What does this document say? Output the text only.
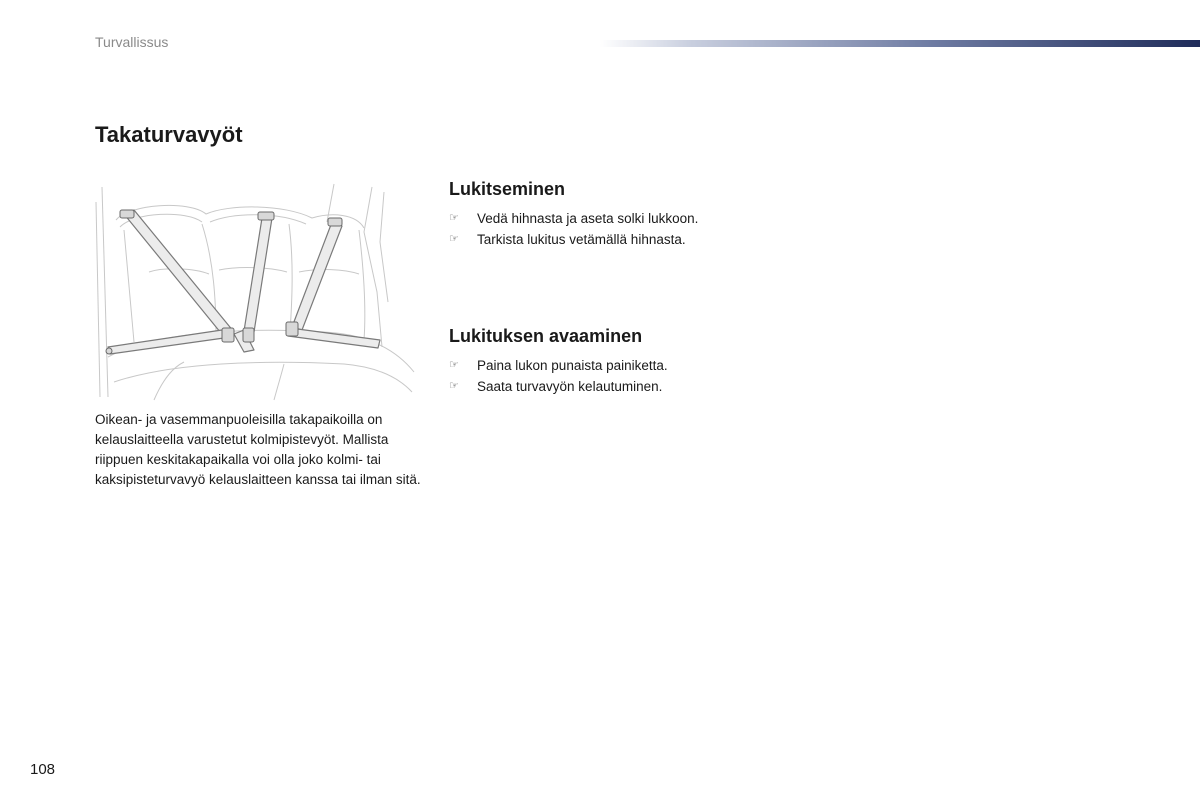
Turvallissus
Takaturvavyöt

Oikean- ja vasemmanpuoleisilla takapaikoilla on kelauslaitteella varustetut kolmipistevyöt. Mallista riippuen keskitakapaikalla voi olla joko kolmi- tai kaksipisteturvavyö kelauslaitteen kanssa tai ilman sitä.

Lukitseminen
☞ Vedä hihnasta ja aseta solki lukkoon.
☞ Tarkista lukitus vetämällä hihnasta.
Lukituksen avaaminen
☞ Paina lukon punaista painiketta.
☞ Saata turvavyön kelautuminen.
108
